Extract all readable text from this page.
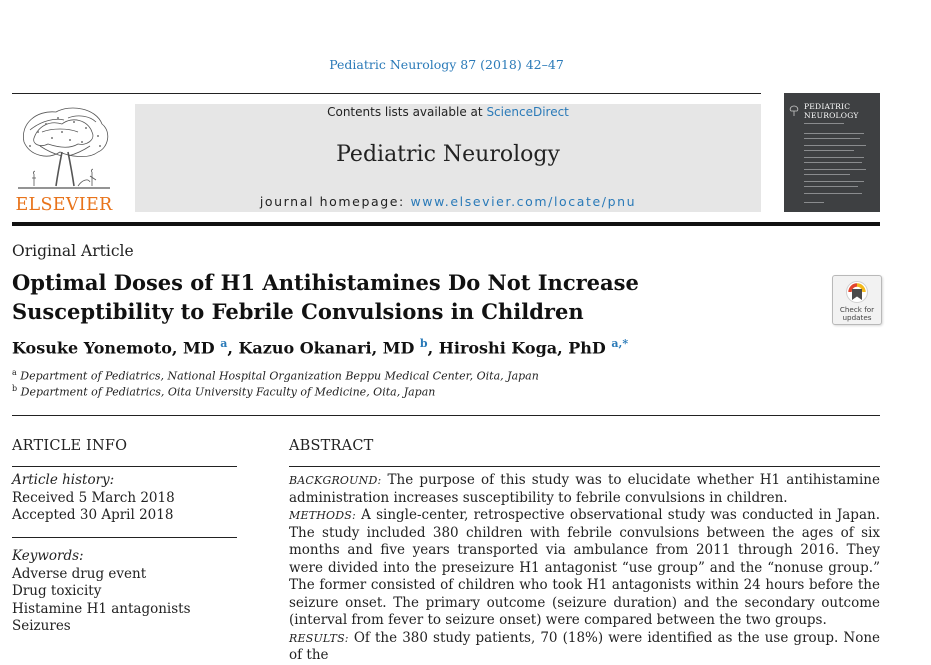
Pediatric Neurology 87 (2018) 42–47
ELSEVIER
Contents lists available at ScienceDirect
Pediatric Neurology
journal homepage: www.elsevier.com/locate/pnu
PEDIATRIC
NEUROLOGY
Original Article
Optimal Doses of H1 Antihistamines Do Not Increase
Susceptibility to Febrile Convulsions in Children	Check for
updates
Kosuke Yonemoto, MD $^a$, Kazuo Okanari, MD $^b$, Hiroshi Koga, PhD $^{a,*}$
$^a$ Department of Pediatrics, National Hospital Organization Beppu Medical Center, Oita, Japan
$^b$ Department of Pediatrics, Oita University Faculty of Medicine, Oita, Japan
ARTICLE INFO
Article history:
Received 5 March 2018
Accepted 30 April 2018
Keywords:
Adverse drug event
Drug toxicity
Histamine H1 antagonists
Seizures
ABSTRACT

BACKGROUND: The purpose of this study was to elucidate whether H1 antihistamine administration increases susceptibility to febrile convulsions in children.

METHODS: A single-center, retrospective observational study was conducted in Japan. The study included 380 children with febrile convulsions between the ages of six months and five years transported via ambulance from 2011 through 2016. They were divided into the preseizure H1 antagonist “use group” and the “nonuse group.” The former consisted of children who took H1 antagonists within 24 hours before the seizure onset. The primary outcome (seizure duration) and the secondary outcome (interval from fever to seizure onset) were compared between the two groups.

RESULTS: Of the 380 study patients, 70 (18%) were identified as the use group. None of the
